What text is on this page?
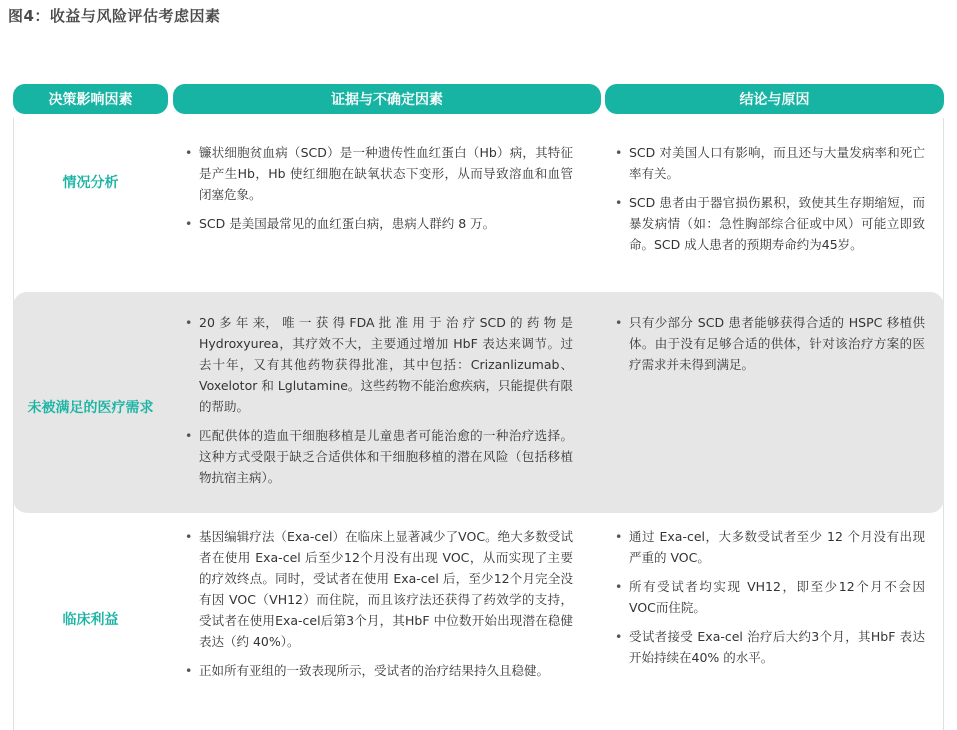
图4：收益与风险评估考虑因素
决策影响因素	证据与不确定因素	结论与原因
情况分析
• 镰状细胞贫血病（SCD）是一种遗传性血红蛋白（Hb）病，其特征是产生Hb，Hb 使红细胞在缺氧状态下变形，从而导致溶血和血管闭塞危象。
• SCD 是美国最常见的血红蛋白病，患病人群约 8 万。
• SCD 对美国人口有影响，而且还与大量发病率和死亡率有关。
• SCD 患者由于器官损伤累积，致使其生存期缩短，而暴发病情（如：急性胸部综合征或中风）可能立即致命。SCD 成人患者的预期寿命约为45岁。
未被满足的医疗需求
• 20 多 年 来， 唯 一 获 得 FDA 批 准 用 于 治 疗 SCD 的 药 物 是 Hydroxyurea，其疗效不大，主要通过增加 HbF 表达来调节。过去十年，又有其他药物获得批准，其中包括：Crizanlizumab、Voxelotor 和 Lglutamine。这些药物不能治愈疾病，只能提供有限的帮助。
• 匹配供体的造血干细胞移植是儿童患者可能治愈的一种治疗选择。这种方式受限于缺乏合适供体和干细胞移植的潜在风险（包括移植物抗宿主病）。
• 只有少部分 SCD 患者能够获得合适的 HSPC 移植供体。由于没有足够合适的供体，针对该治疗方案的医疗需求并未得到满足。
临床利益
• 基因编辑疗法（Exa-cel）在临床上显著减少了VOC。绝大多数受试者在使用 Exa-cel 后至少12个月没有出现 VOC，从而实现了主要的疗效终点。同时，受试者在使用 Exa-cel 后，至少12个月完全没有因 VOC（VH12）而住院，而且该疗法还获得了药效学的支持，受试者在使用Exa-cel后第3个月，其HbF 中位数开始出现潜在稳健表达（约 40%）。
• 正如所有亚组的一致表现所示，受试者的治疗结果持久且稳健。
• 通过 Exa-cel，大多数受试者至少 12 个月没有出现严重的 VOC。
• 所有受试者均实现 VH12，即至少12个月不会因 VOC而住院。
• 受试者接受 Exa-cel 治疗后大约3个月，其HbF 表达开始持续在40% 的水平。
